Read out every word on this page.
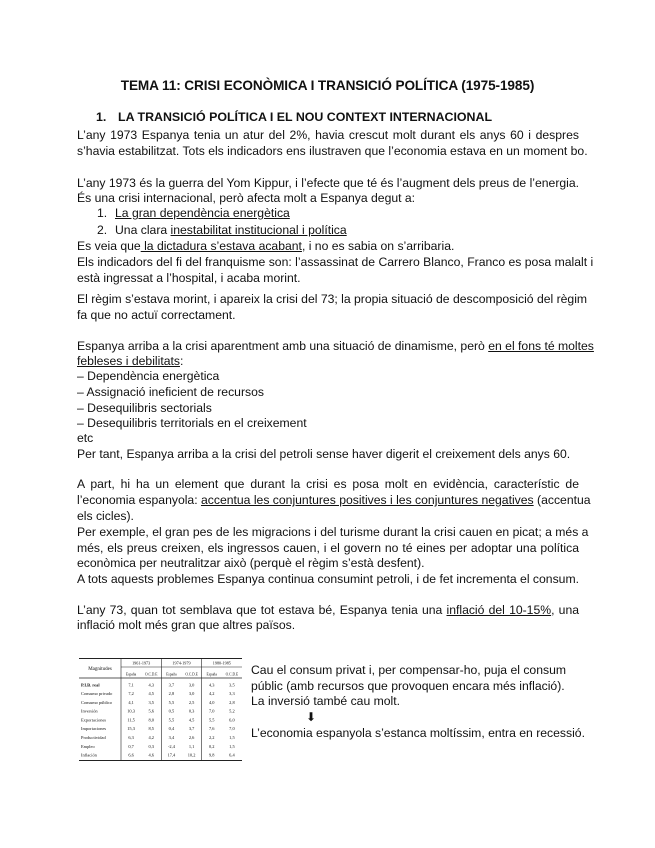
TEMA 11: CRISI ECONÒMICA I TRANSICIÓ POLÍTICA (1975-1985)
1. LA TRANSICIÓ POLÍTICA I EL NOU CONTEXT INTERNACIONAL
L’any 1973 Espanya tenia un atur del 2%, havia crescut molt durant els anys 60 i despres
s’havia estabilitzat. Tots els indicadors ens ilustraven que l’economia estava en un moment bo.
L’any 1973 és la guerra del Yom Kippur, i l’efecte que té és l’augment dels preus de l’energia.
És una crisi internacional, però afecta molt a Espanya degut a:
1. La gran dependència energètica
2. Una clara inestabilitat institucional i política
Es veia que la dictadura s’estava acabant, i no es sabia on s’arribaria.
Els indicadors del fi del franquisme son: l’assassinat de Carrero Blanco, Franco es posa malalt i
està ingressat a l’hospital, i acaba morint.
El règim s’estava morint, i apareix la crisi del 73; la propia situació de descomposició del règim
fa que no actuï correctament.
Espanya arriba a la crisi aparentment amb una situació de dinamisme, però en el fons té moltes
febleses i debilitats:
– Dependència energètica
– Assignació ineficient de recursos
– Desequilibris sectorials
– Desequilibris territorials en el creixement
etc
Per tant, Espanya arriba a la crisi del petroli sense haver digerit el creixement dels anys 60.
A part, hi ha un element que durant la crisi es posa molt en evidència, característic de
l’economia espanyola: accentua les conjuntures positives i les conjuntures negatives (accentua
els cicles).
Per exemple, el gran pes de les migracions i del turisme durant la crisi cauen en picat; a més a
més, els preus creixen, els ingressos cauen, i el govern no té eines per adoptar una política
econòmica per neutralitzar això (perquè el règim s’està desfent).
A tots aquests problemes Espanya continua consumint petroli, i de fet incrementa el consum.
L’any 73, quan tot semblava que tot estava bé, Espanya tenia una inflació del 10-15%, una
inflació molt més gran que altres països.
Magnitudes
1961-1973	1974-1979	1980-1985
España O.C.D.E España O.C.D.E España O.C.D.E
P.I.B. real	7,1	4,3	3,7	3,0	4,3	3,5
Consumo privado	7,2	4,5	2,8	3,0	4,2	3,3
Consumo público	4,1	3,5	5,5	2,5	4,0	2,8
Inversión	10,3	5,6	0,5	0,3	7,0	5,2
Exportaciones	11,5	8,0	5,5	4,5	5,5	6,0
Importaciones	15,3	8,5	0,4	3,7	7,6	7,0
Productividad	6,3	4,2	3,4	2,6	2,2	1,5
Empleo	0,7	0,3	-2,4	1,1	0,2	1,5
Inflación	6,6	4,6	17,4	10,2	9,8	6,4
Cau el consum privat i, per compensar-ho, puja el consum
públic (amb recursos que provoquen encara més inflació).
La inversió també cau molt.
⬇
L’economia espanyola s’estanca moltíssim, entra en recessió.
